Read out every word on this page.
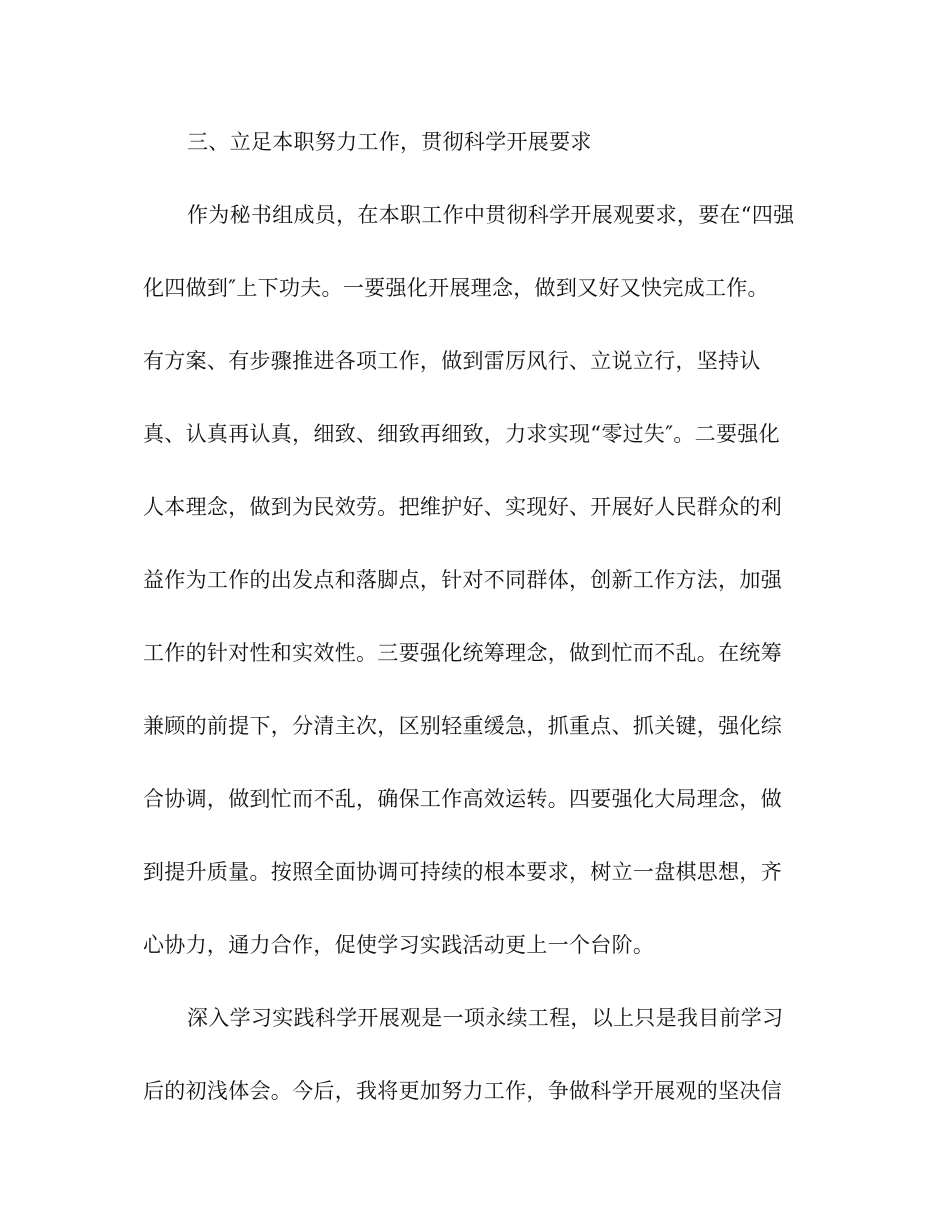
三、立足本职努力工作，贯彻科学开展要求
作为秘书组成员，在本职工作中贯彻科学开展观要求，要在“四强
化四做到″上下功夫。一要强化开展理念，做到又好又快完成工作。
有方案、有步骤推进各项工作，做到雷厉风行、立说立行，坚持认
真、认真再认真，细致、细致再细致，力求实现“零过失″。二要强化
人本理念，做到为民效劳。把维护好、实现好、开展好人民群众的利
益作为工作的出发点和落脚点，针对不同群体，创新工作方法，加强
工作的针对性和实效性。三要强化统筹理念，做到忙而不乱。在统筹
兼顾的前提下，分清主次，区别轻重缓急，抓重点、抓关键，强化综
合协调，做到忙而不乱，确保工作高效运转。四要强化大局理念，做
到提升质量。按照全面协调可持续的根本要求，树立一盘棋思想，齐
心协力，通力合作，促使学习实践活动更上一个台阶。
深入学习实践科学开展观是一项永续工程，以上只是我目前学习
后的初浅体会。今后，我将更加努力工作，争做科学开展观的坚决信
